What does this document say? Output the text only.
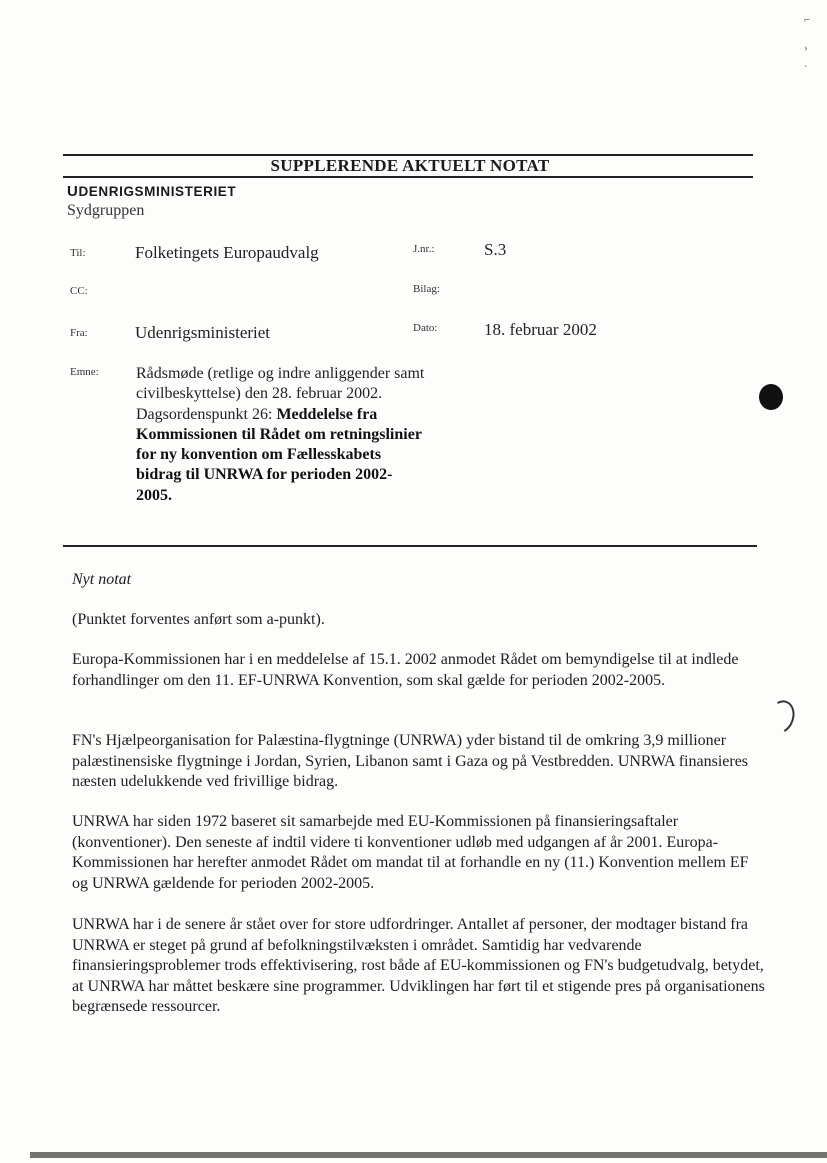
SUPPLERENDE AKTUELT NOTAT
UDENRIGSMINISTERIET
Sydgruppen
Til:	Folketingets Europaudvalg	J.nr.:	S.3
CC:	Bilag:
Fra:	Udenrigsministeriet	Dato:	18. februar 2002
Emne: Rådsmøde (retlige og indre anliggender samt civilbeskyttelse) den 28. februar 2002. Dagsordenspunkt 26: Meddelelse fra Kommissionen til Rådet om retningslinier for ny konvention om Fællesskabets bidrag til UNRWA for perioden 2002-2005.
Nyt notat
(Punktet forventes anført som a-punkt).
Europa-Kommissionen har i en meddelelse af 15.1. 2002 anmodet Rådet om bemyndigelse til at indlede forhandlinger om den 11. EF-UNRWA Konvention, som skal gælde for perioden 2002-2005.
FN's Hjælpeorganisation for Palæstina-flygtninge (UNRWA) yder bistand til de omkring 3,9 millioner palæstinensiske flygtninge i Jordan, Syrien, Libanon samt i Gaza og på Vestbredden. UNRWA finansieres næsten udelukkende ved frivillige bidrag.
UNRWA har siden 1972 baseret sit samarbejde med EU-Kommissionen på finansieringsaftaler (konventioner). Den seneste af indtil videre ti konventioner udløb med udgangen af år 2001. Europa-Kommissionen har herefter anmodet Rådet om mandat til at forhandle en ny (11.) Konvention mellem EF og UNRWA gældende for perioden 2002-2005.
UNRWA har i de senere år stået over for store udfordringer. Antallet af personer, der modtager bistand fra UNRWA er steget på grund af befolkningstilvæksten i området. Samtidig har vedvarende finansieringsproblemer trods effektivisering, rost både af EU-kommissionen og FN's budgetudvalg, betydet, at UNRWA har måttet beskære sine programmer. Udviklingen har ført til et stigende pres på organisationens begrænsede ressourcer.
⌐
›
`
